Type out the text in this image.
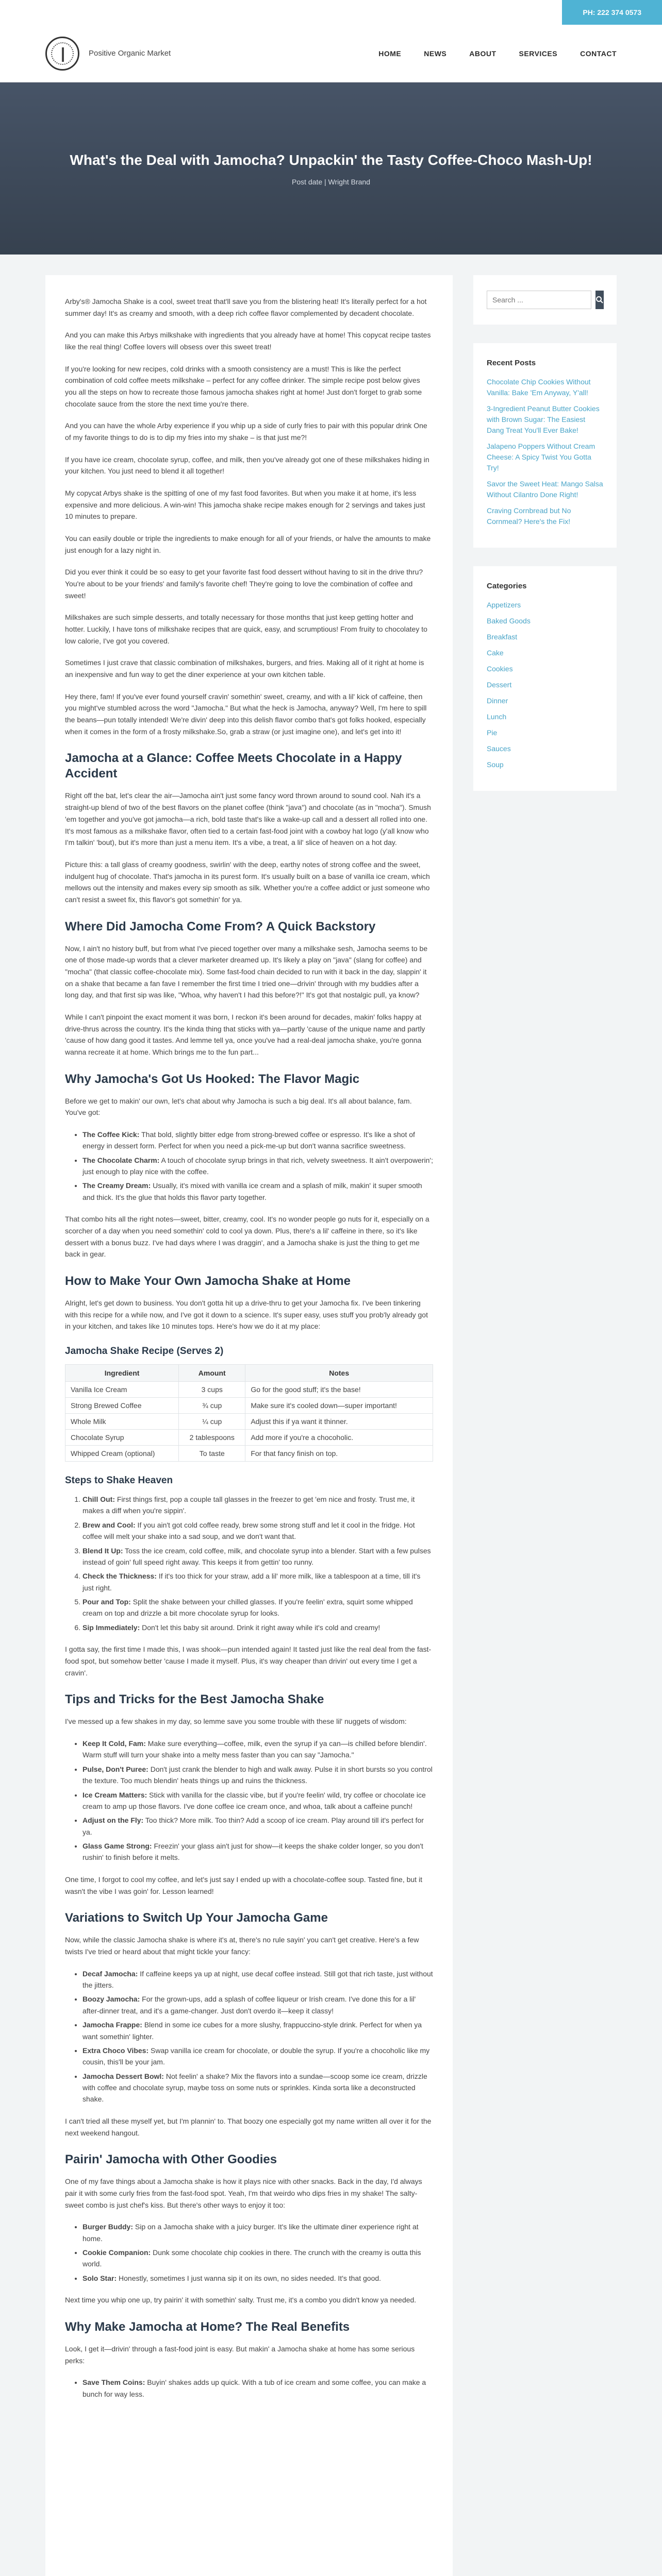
PH: 222 374 0573
Positive Organic Market	HOME	NEWS	ABOUT	SERVICES	CONTACT
What's the Deal with Jamocha? Unpackin' the Tasty Coffee-Choco Mash-Up!
Post date | Wright Brand

Arby's® Jamocha Shake is a cool, sweet treat that'll save you from the blistering heat! It's literally perfect for a hot summer day! It's as creamy and smooth, with a deep rich coffee flavor complemented by decadent chocolate.

And you can make this Arbys milkshake with ingredients that you already have at home! This copycat recipe tastes like the real thing! Coffee lovers will obsess over this sweet treat!

If you're looking for new recipes, cold drinks with a smooth consistency are a must! This is like the perfect combination of cold coffee meets milkshake – perfect for any coffee drinker. The simple recipe post below gives you all the steps on how to recreate those famous jamocha shakes right at home! Just don't forget to grab some chocolate sauce from the store the next time you're there.

And you can have the whole Arby experience if you whip up a side of curly fries to pair with this popular drink One of my favorite things to do is to dip my fries into my shake – is that just me?!

If you have ice cream, chocolate syrup, coffee, and milk, then you've already got one of these milkshakes hiding in your kitchen. You just need to blend it all together!

My copycat Arbys shake is the spitting of one of my fast food favorites. But when you make it at home, it's less expensive and more delicious. A win-win! This jamocha shake recipe makes enough for 2 servings and takes just 10 minutes to prepare.

You can easily double or triple the ingredients to make enough for all of your friends, or halve the amounts to make just enough for a lazy night in.

Did you ever think it could be so easy to get your favorite fast food dessert without having to sit in the drive thru? You're about to be your friends' and family's favorite chef! They're going to love the combination of coffee and sweet!

Milkshakes are such simple desserts, and totally necessary for those months that just keep getting hotter and hotter. Luckily, I have tons of milkshake recipes that are quick, easy, and scrumptious! From fruity to chocolatey to low calorie, I've got you covered.

Sometimes I just crave that classic combination of milkshakes, burgers, and fries. Making all of it right at home is an inexpensive and fun way to get the diner experience at your own kitchen table.

Hey there, fam! If you've ever found yourself cravin' somethin' sweet, creamy, and with a lil' kick of caffeine, then you might've stumbled across the word "Jamocha." But what the heck is Jamocha, anyway? Well, I'm here to spill the beans—pun totally intended! We're divin' deep into this delish flavor combo that's got folks hooked, especially when it comes in the form of a frosty milkshake.So, grab a straw (or just imagine one), and let's get into it!

Jamocha at a Glance: Coffee Meets Chocolate in a Happy Accident

Right off the bat, let's clear the air—Jamocha ain't just some fancy word thrown around to sound cool. Nah it's a straight-up blend of two of the best flavors on the planet coffee (think "java") and chocolate (as in "mocha"). Smush 'em together and you've got jamocha—a rich, bold taste that's like a wake-up call and a dessert all rolled into one. It's most famous as a milkshake flavor, often tied to a certain fast-food joint with a cowboy hat logo (y'all know who I'm talkin' 'bout), but it's more than just a menu item. It's a vibe, a treat, a lil' slice of heaven on a hot day.

Picture this: a tall glass of creamy goodness, swirlin' with the deep, earthy notes of strong coffee and the sweet, indulgent hug of chocolate. That's jamocha in its purest form. It's usually built on a base of vanilla ice cream, which mellows out the intensity and makes every sip smooth as silk. Whether you're a coffee addict or just someone who can't resist a sweet fix, this flavor's got somethin' for ya.

Where Did Jamocha Come From? A Quick Backstory

Now, I ain't no history buff, but from what I've pieced together over many a milkshake sesh, Jamocha seems to be one of those made-up words that a clever marketer dreamed up. It's likely a play on "java" (slang for coffee) and "mocha" (that classic coffee-chocolate mix). Some fast-food chain decided to run with it back in the day, slappin' it on a shake that became a fan fave I remember the first time I tried one—drivin' through with my buddies after a long day, and that first sip was like, "Whoa, why haven't I had this before?!" It's got that nostalgic pull, ya know?

While I can't pinpoint the exact moment it was born, I reckon it's been around for decades, makin' folks happy at drive-thrus across the country. It's the kinda thing that sticks with ya—partly 'cause of the unique name and partly 'cause of how dang good it tastes. And lemme tell ya, once you've had a real-deal jamocha shake, you're gonna wanna recreate it at home. Which brings me to the fun part...

Why Jamocha's Got Us Hooked: The Flavor Magic

Before we get to makin' our own, let's chat about why Jamocha is such a big deal. It's all about balance, fam. You've got:

• The Coffee Kick: That bold, slightly bitter edge from strong-brewed coffee or espresso. It's like a shot of energy in dessert form. Perfect for when you need a pick-me-up but don't wanna sacrifice sweetness.
• The Chocolate Charm: A touch of chocolate syrup brings in that rich, velvety sweetness. It ain't overpowerin'; just enough to play nice with the coffee.
• The Creamy Dream: Usually, it's mixed with vanilla ice cream and a splash of milk, makin' it super smooth and thick. It's the glue that holds this flavor party together.

That combo hits all the right notes—sweet, bitter, creamy, cool. It's no wonder people go nuts for it, especially on a scorcher of a day when you need somethin' cold to cool ya down. Plus, there's a lil' caffeine in there, so it's like dessert with a bonus buzz. I've had days where I was draggin', and a Jamocha shake is just the thing to get me back in gear.

How to Make Your Own Jamocha Shake at Home

Alright, let's get down to business. You don't gotta hit up a drive-thru to get your Jamocha fix. I've been tinkering with this recipe for a while now, and I've got it down to a science. It's super easy, uses stuff you prob'ly already got in your kitchen, and takes like 10 minutes tops. Here's how we do it at my place:

Jamocha Shake Recipe (Serves 2)
Ingredient	Amount	Notes
Vanilla Ice Cream	3 cups	Go for the good stuff; it's the base!
Strong Brewed Coffee	¾ cup	Make sure it's cooled down—super important!
Whole Milk	¼ cup	Adjust this if ya want it thinner.
Chocolate Syrup	2 tablespoons	Add more if you're a chocoholic.
Whipped Cream (optional)	To taste	For that fancy finish on top.
Steps to Shake Heaven
1. Chill Out: First things first, pop a couple tall glasses in the freezer to get 'em nice and frosty. Trust me, it makes a diff when you're sippin'.
2. Brew and Cool: If you ain't got cold coffee ready, brew some strong stuff and let it cool in the fridge. Hot coffee will melt your shake into a sad soup, and we don't want that.
3. Blend It Up: Toss the ice cream, cold coffee, milk, and chocolate syrup into a blender. Start with a few pulses instead of goin' full speed right away. This keeps it from gettin' too runny.
4. Check the Thickness: If it's too thick for your straw, add a lil' more milk, like a tablespoon at a time, till it's just right.
5. Pour and Top: Split the shake between your chilled glasses. If you're feelin' extra, squirt some whipped cream on top and drizzle a bit more chocolate syrup for looks.
6. Sip Immediately: Don't let this baby sit around. Drink it right away while it's cold and creamy!

I gotta say, the first time I made this, I was shook—pun intended again! It tasted just like the real deal from the fast-food spot, but somehow better 'cause I made it myself. Plus, it's way cheaper than drivin' out every time I get a cravin'.

Tips and Tricks for the Best Jamocha Shake

I've messed up a few shakes in my day, so lemme save you some trouble with these lil' nuggets of wisdom:

• Keep It Cold, Fam: Make sure everything—coffee, milk, even the syrup if ya can—is chilled before blendin'. Warm stuff will turn your shake into a melty mess faster than you can say "Jamocha."
• Pulse, Don't Puree: Don't just crank the blender to high and walk away. Pulse it in short bursts so you control the texture. Too much blendin' heats things up and ruins the thickness.
• Ice Cream Matters: Stick with vanilla for the classic vibe, but if you're feelin' wild, try coffee or chocolate ice cream to amp up those flavors. I've done coffee ice cream once, and whoa, talk about a caffeine punch!
• Adjust on the Fly: Too thick? More milk. Too thin? Add a scoop of ice cream. Play around till it's perfect for ya.
• Glass Game Strong: Freezin' your glass ain't just for show—it keeps the shake colder longer, so you don't rushin' to finish before it melts.

One time, I forgot to cool my coffee, and let's just say I ended up with a chocolate-coffee soup. Tasted fine, but it wasn't the vibe I was goin' for. Lesson learned!

Variations to Switch Up Your Jamocha Game

Now, while the classic Jamocha shake is where it's at, there's no rule sayin' you can't get creative. Here's a few twists I've tried or heard about that might tickle your fancy:

• Decaf Jamocha: If caffeine keeps ya up at night, use decaf coffee instead. Still got that rich taste, just without the jitters.
• Boozy Jamocha: For the grown-ups, add a splash of coffee liqueur or Irish cream. I've done this for a lil' after-dinner treat, and it's a game-changer. Just don't overdo it—keep it classy!
• Jamocha Frappe: Blend in some ice cubes for a more slushy, frappuccino-style drink. Perfect for when ya want somethin' lighter.
• Extra Choco Vibes: Swap vanilla ice cream for chocolate, or double the syrup. If you're a chocoholic like my cousin, this'll be your jam.
• Jamocha Dessert Bowl: Not feelin' a shake? Mix the flavors into a sundae—scoop some ice cream, drizzle with coffee and chocolate syrup, maybe toss on some nuts or sprinkles. Kinda sorta like a deconstructed shake.

I can't tried all these myself yet, but I'm plannin' to. That boozy one especially got my name written all over it for the next weekend hangout.

Pairin' Jamocha with Other Goodies

One of my fave things about a Jamocha shake is how it plays nice with other snacks. Back in the day, I'd always pair it with some curly fries from the fast-food spot. Yeah, I'm that weirdo who dips fries in my shake! The salty-sweet combo is just chef's kiss. But there's other ways to enjoy it too:

• Burger Buddy: Sip on a Jamocha shake with a juicy burger. It's like the ultimate diner experience right at home.
• Cookie Companion: Dunk some chocolate chip cookies in there. The crunch with the creamy is outta this world.
• Solo Star: Honestly, sometimes I just wanna sip it on its own, no sides needed. It's that good.

Next time you whip one up, try pairin' it with somethin' salty. Trust me, it's a combo you didn't know ya needed.

Why Make Jamocha at Home? The Real Benefits

Look, I get it—drivin' through a fast-food joint is easy. But makin' a Jamocha shake at home has some serious perks:

• Save Them Coins: Buyin' shakes adds up quick. With a tub of ice cream and some coffee, you can make a bunch for way less.
Search ...
Recent Posts
Chocolate Chip Cookies Without Vanilla: Bake 'Em Anyway, Y'all!
3-Ingredient Peanut Butter Cookies with Brown Sugar: The Easiest Dang Treat You'll Ever Bake!
Jalapeno Poppers Without Cream Cheese: A Spicy Twist You Gotta Try!
Savor the Sweet Heat: Mango Salsa Without Cilantro Done Right!
Craving Cornbread but No Cornmeal? Here's the Fix!
Categories
Appetizers
Baked Goods
Breakfast
Cake
Cookies
Dessert
Dinner
Lunch
Pie
Sauces
Soup
